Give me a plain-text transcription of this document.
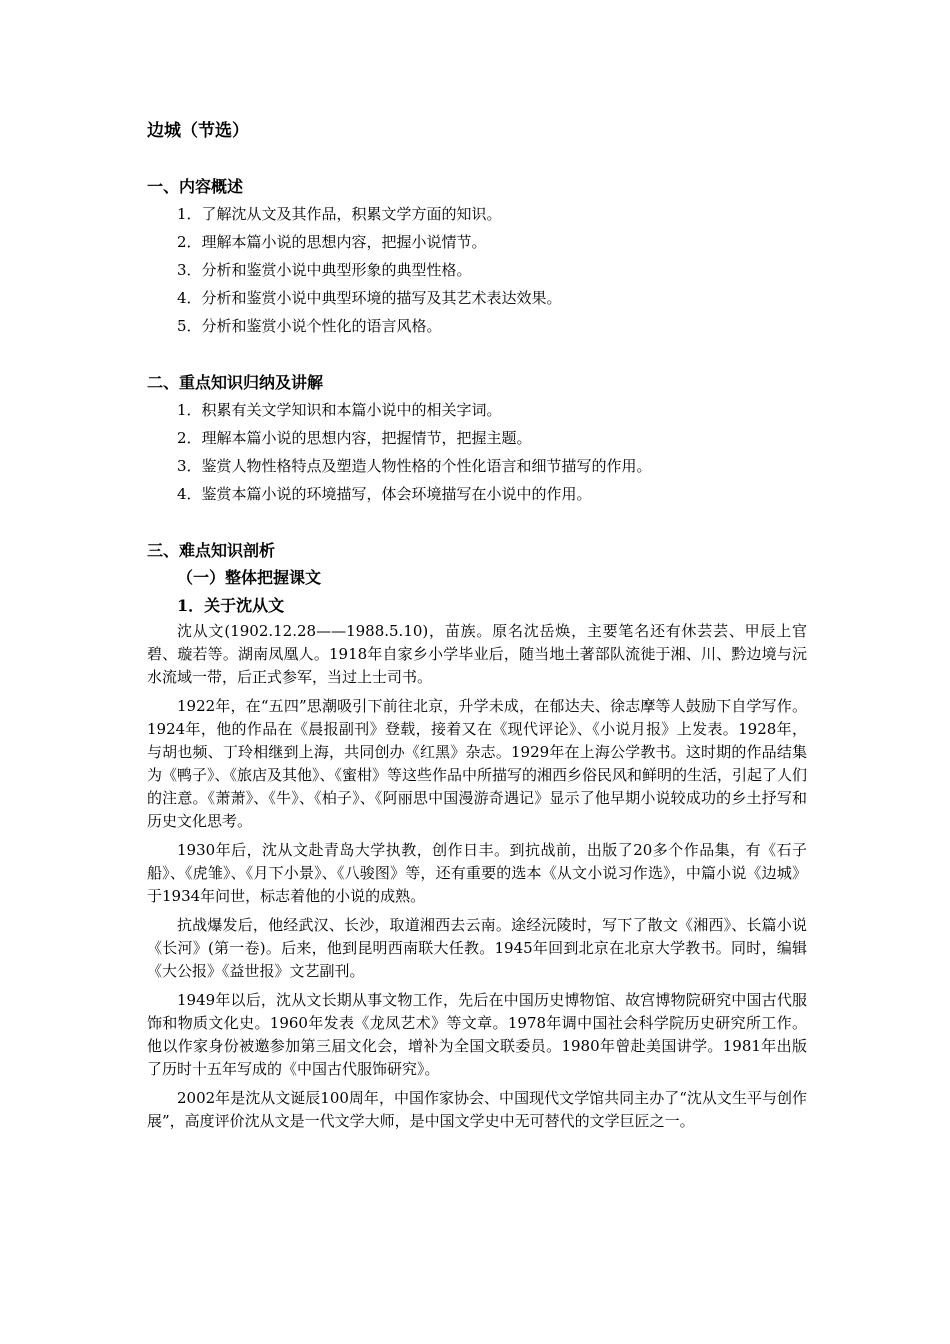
边城（节选）
一、内容概述
1．了解沈从文及其作品，积累文学方面的知识。
2．理解本篇小说的思想内容，把握小说情节。
3．分析和鉴赏小说中典型形象的典型性格。
4．分析和鉴赏小说中典型环境的描写及其艺术表达效果。
5．分析和鉴赏小说个性化的语言风格。
二、重点知识归纳及讲解
1．积累有关文学知识和本篇小说中的相关字词。
2．理解本篇小说的思想内容，把握情节，把握主题。
3．鉴赏人物性格特点及塑造人物性格的个性化语言和细节描写的作用。
4．鉴赏本篇小说的环境描写，体会环境描写在小说中的作用。
三、难点知识剖析
（一）整体把握课文
1．关于沈从文

沈从文(1902.12.28——1988.5.10)，苗族。原名沈岳焕，主要笔名还有休芸芸、甲辰上官碧、璇若等。湖南凤凰人。1918年自家乡小学毕业后，随当地土著部队流徙于湘、川、黔边境与沅水流域一带，后正式参军，当过上士司书。

1922年，在“五四”思潮吸引下前往北京，升学未成，在郁达夫、徐志摩等人鼓励下自学写作。1924年，他的作品在《晨报副刊》登载，接着又在《现代评论》、《小说月报》上发表。1928年，与胡也频、丁玲相继到上海，共同创办《红黑》杂志。1929年在上海公学教书。这时期的作品结集为《鸭子》、《旅店及其他》、《蜜柑》等这些作品中所描写的湘西乡俗民风和鲜明的生活，引起了人们的注意。《萧萧》、《牛》、《柏子》、《阿丽思中国漫游奇遇记》显示了他早期小说较成功的乡土抒写和历史文化思考。

1930年后，沈从文赴青岛大学执教，创作日丰。到抗战前，出版了20多个作品集，有《石子船》、《虎雏》、《月下小景》、《八骏图》等，还有重要的选本《从文小说习作选》，中篇小说《边城》于1934年问世，标志着他的小说的成熟。

抗战爆发后，他经武汉、长沙，取道湘西去云南。途经沅陵时，写下了散文《湘西》、长篇小说《长河》(第一卷)。后来，他到昆明西南联大任教。1945年回到北京在北京大学教书。同时，编辑《大公报》《益世报》文艺副刊。

1949年以后，沈从文长期从事文物工作，先后在中国历史博物馆、故宫博物院研究中国古代服饰和物质文化史。1960年发表《龙凤艺术》等文章。1978年调中国社会科学院历史研究所工作。他以作家身份被邀参加第三届文化会，增补为全国文联委员。1980年曾赴美国讲学。1981年出版了历时十五年写成的《中国古代服饰研究》。

2002年是沈从文诞辰100周年，中国作家协会、中国现代文学馆共同主办了“沈从文生平与创作展”，高度评价沈从文是一代文学大师，是中国文学史中无可替代的文学巨匠之一。
